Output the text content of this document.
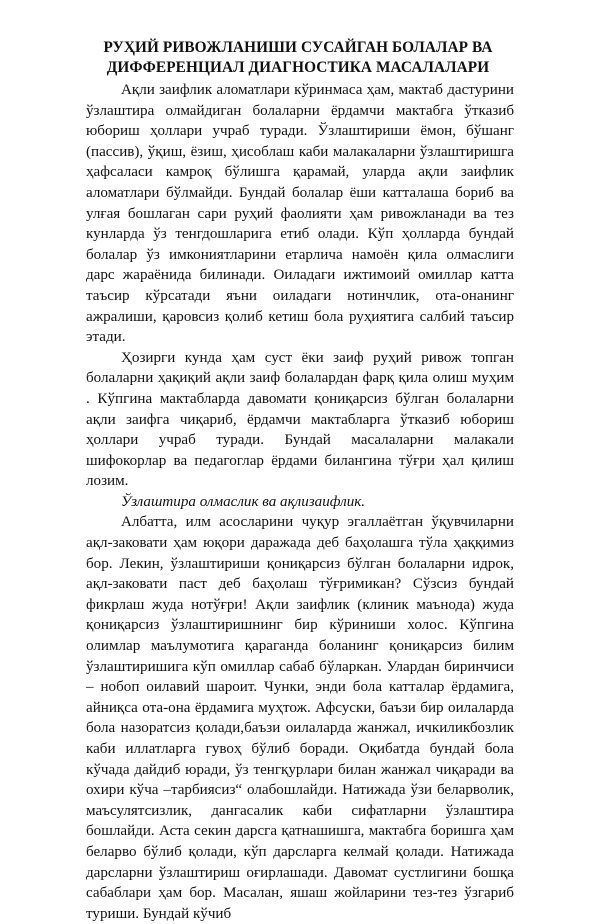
РУҲИЙ РИВОЖЛАНИШИ СУСАЙГАН БОЛАЛАР ВА
ДИФФЕРЕНЦИАЛ ДИАГНОСТИКА МАСАЛАЛАРИ

Ақли заифлик аломатлари кўринмаса ҳам, мактаб дастурини ўзлаштира олмайдиган болаларни ёрдамчи мактабга ўтказиб юбориш ҳоллари учраб туради. Ўзлаштириши ёмон, бўшанг (пассив), ўқиш, ёзиш, ҳисоблаш каби малакаларни ўзлаштиришга ҳафсаласи камроқ бўлишга қарамай, уларда ақли заифлик аломатлари бўлмайди. Бундай болалар ёши катталаша бориб ва улғая бошлаган сари руҳий фаолияти ҳам ривожланади ва тез кунларда ўз тенгдошларига етиб олади. Кўп ҳолларда бундай болалар ўз имкониятларини етарлича намоён қила олмаслиги дарс жараёнида билинади. Оиладаги ижтимоий омиллар катта таъсир кўрсатади яъни оиладаги нотинчлик, ота-онанинг ажралиши, қаровсиз қолиб кетиш бола руҳиятига салбий таъсир этади.

Ҳозирги кунда ҳам суст ёки заиф руҳий ривож топган болаларни ҳақиқий ақли заиф болалардан фарқ қила олиш муҳим . Кўпгина мактабларда давомати қониқарсиз бўлган болаларни ақли заифга чиқариб, ёрдамчи мактабларга ўтказиб юбориш ҳоллари учраб туради. Бундай масалаларни малакали шифокорлар ва педагоглар ёрдами билангина тўғри ҳал қилиш лозим.

Ўзлаштира олмаслик ва ақлизаифлик.

Албатта, илм асосларини чуқур эгаллаётган ўқувчиларни ақл-заковати ҳам юқори даражада деб баҳолашга тўла ҳаққимиз бор. Лекин, ўзлаштириши қониқарсиз бўлган болаларни идрок, ақл-заковати паст деб баҳолаш тўғримикан? Сўзсиз бундай фикрлаш жуда нотўғри! Ақли заифлик (клиник маънода) жуда қониқарсиз ўзлаштиришнинг бир кўриниши холос. Кўпгина олимлар маълумотига қараганда боланинг қониқарсиз билим ўзлаштиришига кўп омиллар сабаб бўларкан. Улардан биринчиси – нобоп оилавий шароит. Чунки, энди бола катталар ёрдамига, айниқса ота-она ёрдамига муҳтож. Афсуски, баъзи бир оилаларда бола назоратсиз қолади,баъзи оилаларда жанжал, ичкиликбозлик каби иллатларга гувоҳ бўлиб боради. Оқибатда бундай бола кўчада дайдиб юради, ўз тенгқурлари билан жанжал чиқаради ва охири кўча –тарбиясиз“ олабошлайди. Натижада ўзи беларволик, маъсулятсизлик, дангасалик каби сифатларни ўзлаштира бошлайди. Аста секин дарсга қатнашишга, мактабга боришга ҳам беларво бўлиб қолади, кўп дарсларга келмай қолади. Натижада дарсларни ўзлаштириш оғирлашади. Давомат сустлигини бошқа сабаблари ҳам бор. Масалан, яшаш жойларини тез-тез ўзгариб туриши. Бундай кўчиб
